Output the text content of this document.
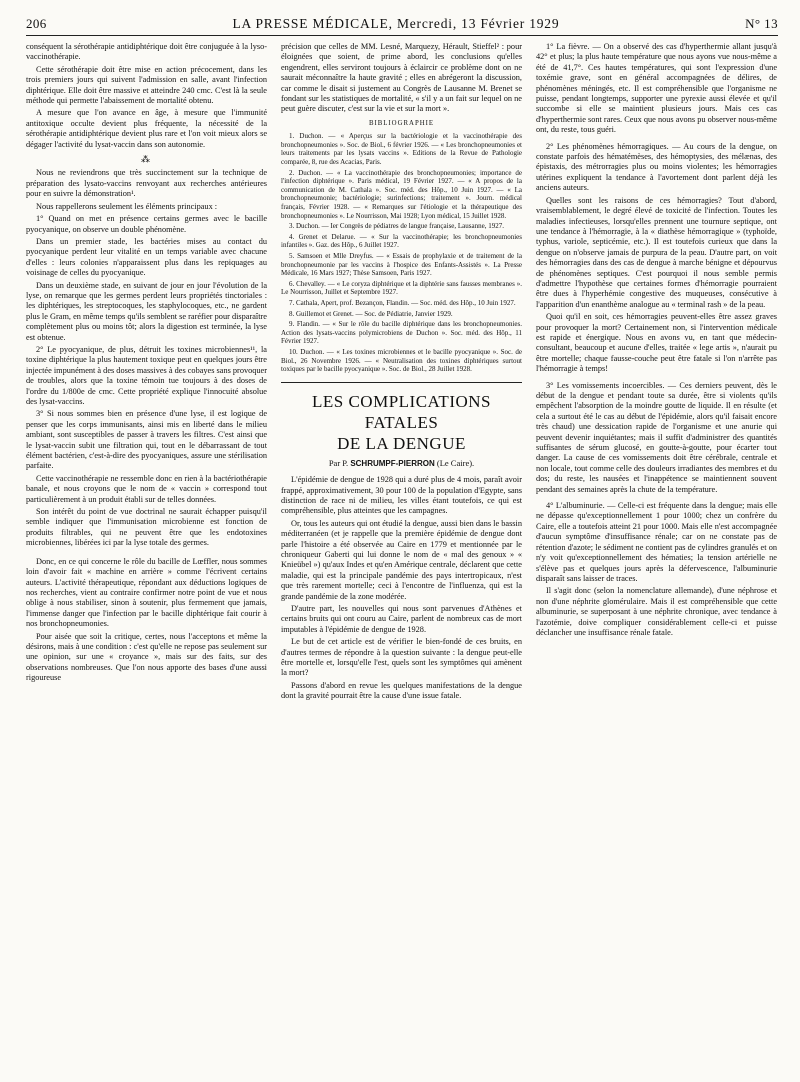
206	LA PRESSE MÉDICALE, Mercredi, 13 Février 1929	N° 13

conséquent la sérothérapie antidiphtérique doit être conjuguée à la lyso-vaccinothérapie.

Cette sérothérapie doit être mise en action précocement, dans les trois premiers jours qui suivent l'admission en salle, avant l'infection diphtérique. Elle doit être massive et atteindre 240 cmc. C'est là la seule méthode qui permette l'abaissement de mortalité obtenu.

A mesure que l'on avance en âge, à mesure que l'immunité antitoxique occulte devient plus fréquente, la nécessité de la sérothérapie antidiphtérique devient plus rare et l'on voit mieux alors se dégager l'activité du lysat-vaccin dans son autonomie.

⁂

Nous ne reviendrons que très succinctement sur la technique de préparation des lysato-vaccins renvoyant aux recherches antérieures pour en suivre la démonstration¹.

Nous rappellerons seulement les éléments principaux :

1° Quand on met en présence certains germes avec le bacille pyocyanique, on observe un double phénomène.

Dans un premier stade, les bactéries mises au contact du pyocyanique perdent leur vitalité en un temps variable avec chacune d'elles : leurs colonies n'apparaissent plus dans les repiquages au voisinage de celles du pyocyanique.

Dans un deuxième stade, en suivant de jour en jour l'évolution de la lyse, on remarque que les germes perdent leurs propriétés tinctoriales : les diphtériques, les streptocoques, les staphylocoques, etc., ne gardent plus le Gram, en même temps qu'ils semblent se raréfier pour disparaître complètement plus ou moins tôt; alors la digestion est terminée, la lyse est obtenue.

2° Le pyocyanique, de plus, détruit les toxines microbiennes¹¹, la toxine diphtérique la plus hautement toxique peut en quelques jours être injectée impunément à des doses massives à des cobayes sans provoquer de troubles, alors que la toxine témoin tue toujours à des doses de l'ordre du 1/800e de cmc. Cette propriété explique l'innocuité absolue des lysat-vaccins.

3° Si nous sommes bien en présence d'une lyse, il est logique de penser que les corps immunisants, ainsi mis en liberté dans le milieu ambiant, sont susceptibles de passer à travers les filtres. C'est ainsi que le lysat-vaccin subit une filtration qui, tout en le débarrassant de tout élément bactérien, c'est-à-dire des pyocyaniques, assure une stérilisation parfaite.

Cette vaccinothérapie ne ressemble donc en rien à la bactériothérapie banale, et nous croyons que le nom de « vaccin » correspond tout particulièrement à un produit établi sur de telles données.

Son intérêt du point de vue doctrinal ne saurait échapper puisqu'il semble indiquer que l'immunisation microbienne est fonction de produits filtrables, qui ne peuvent être que les endotoxines microbiennes, libérées ici par la lyse totale des germes.

Donc, en ce qui concerne le rôle du bacille de Lœffler, nous sommes loin d'avoir fait « machine en arrière » comme l'écrivent certains auteurs. L'activité thérapeutique, répondant aux déductions logiques de nos recherches, vient au contraire confirmer notre point de vue et nous oblige à nous stabiliser, sinon à soutenir, plus fermement que jamais, l'immense danger que l'infection par le bacille diphtérique fait courir à nos bronchopneumonies.

Pour aisée que soit la critique, certes, nous l'acceptons et même la désirons, mais à une condition : c'est qu'elle ne repose pas seulement sur une opinion, sur une « croyance », mais sur des faits, sur des observations nombreuses. Que l'on nous apporte des bases d'une aussi rigoureuse

précision que celles de MM. Lesné, Marquezy, Hérault, Stieffel² : pour éloignées que soient, de prime abord, les conclusions qu'elles engendrent, elles serviront toujours à éclaircir ce problème dont on ne saurait méconnaître la haute gravité ; elles en abrégeront la discussion, car comme le disait si justement au Congrès de Lausanne M. Brenet se fondant sur les statistiques de mortalité, « s'il y a un fait sur lequel on ne peut guère discuter, c'est sur la vie et sur la mort ».

BIBLIOGRAPHIE

1. Duchon. — « Aperçus sur la bactériologie et la vaccinothérapie des bronchopneumonies ». Soc. de Biol., 6 février 1926. — « Les bronchopneumonies et leurs traitements par les lysats vaccins ». Editions de la Revue de Pathologie comparée, 8, rue des Acacias, Paris.

2. Duchon. — « La vaccinothérapie des bronchopneumonies; importance de l'infection diphtérique ». Paris médical, 19 Février 1927. — « A propos de la communication de M. Cathala ». Soc. méd. des Hôp., 10 Juin 1927. — « La bronchopneumonie; bactériologie; surinfections; traitement ». Journ. médical français, Février 1928. — « Remarques sur l'étiologie et la thérapeutique des bronchopneumonies ». Le Nourrisson, Mai 1928; Lyon médical, 15 Juillet 1928.

3. Duchon. — Ier Congrès de pédiatres de langue française, Lausanne, 1927.

4. Grenet et Delarue. — « Sur la vaccinothérapie; les bronchopneumonies infantiles ». Gaz. des Hôp., 6 Juillet 1927.

5. Samsoen et Mlle Dreyfus. — « Essais de prophylaxie et de traitement de la bronchopneumonie par les vaccins à l'hospice des Enfants-Assistés ». La Presse Médicale, 16 Mars 1927; Thèse Samsoen, Paris 1927.

6. Chevalley. — « Le coryza diphtérique et la diphtérie sans fausses membranes ». Le Nourrisson, Juillet et Septembre 1927.

7. Cathala, Apert, prof. Bezançon, Flandin. — Soc. méd. des Hôp., 10 Juin 1927.

8. Guillemot et Grenet. — Soc. de Pédiatrie, Janvier 1929.

9. Flandin. — « Sur le rôle du bacille diphtérique dans les bronchopneumonies. Action des lysats-vaccins polymicrobiens de Duchon ». Soc. méd. des Hôp., 11 Février 1927.

10. Duchon. — « Les toxines microbiennes et le bacille pyocyanique ». Soc. de Biol., 26 Novembre 1926. — « Neutralisation des toxines diphtériques surtout toxiques par le bacille pyocyanique ». Soc. de Biol., 28 Juillet 1928.

LES COMPLICATIONS FATALES
DE LA DENGUE
Par P. SCHRUMPF-PIERRON (Le Caire).

L'épidémie de dengue de 1928 qui a duré plus de 4 mois, paraît avoir frappé, approximativement, 30 pour 100 de la population d'Egypte, sans distinction de race ni de milieu, les villes étant toutefois, ce qui est compréhensible, plus atteintes que les campagnes.

Or, tous les auteurs qui ont étudié la dengue, aussi bien dans le bassin méditerranéen (et je rappelle que la première épidémie de dengue dont parle l'histoire a été observée au Caire en 1779 et mentionnée par le chroniqueur Gaberti qui lui donne le nom de « mal des genoux » « Knieübel ») qu'aux Indes et qu'en Amérique centrale, déclarent que cette maladie, qui est la principale pandémie des pays intertropicaux, n'est que très rarement mortelle; ceci à l'encontre de l'influenza, qui est la grande pandémie de la zone modérée.

D'autre part, les nouvelles qui nous sont parvenues d'Athènes et certains bruits qui ont couru au Caire, parlent de nombreux cas de mort imputables à l'épidémie de dengue de 1928.

Le but de cet article est de vérifier le bien-fondé de ces bruits, en d'autres termes de répondre à la question suivante : la dengue peut-elle être mortelle et, lorsqu'elle l'est, quels sont les symptômes qui amènent la mort?

Passons d'abord en revue les quelques manifestations de la dengue dont la gravité pourrait être la cause d'une issue fatale.

1° La fièvre. — On a observé des cas d'hyperthermie allant jusqu'à 42° et plus; la plus haute température que nous ayons vue nous-même a été de 41,7°. Ces hautes températures, qui sont l'expression d'une toxémie grave, sont en général accompagnées de délires, de phénomènes méningés, etc. Il est compréhensible que l'organisme ne puisse, pendant longtemps, supporter une pyrexie aussi élevée et qu'il succombe si elle se maintient plusieurs jours. Mais ces cas d'hyperthermie sont rares. Ceux que nous avons pu observer nous-même ont, du reste, tous guéri.

2° Les phénomènes hémorragiques. — Au cours de la dengue, on constate parfois des hématémèses, des hémoptysies, des mélænas, des épistaxis, des métrorragies plus ou moins violentes; les hémorragies utérines expliquent la tendance à l'avortement dont parlent déjà les anciens auteurs.

Quelles sont les raisons de ces hémorragies? Tout d'abord, vraisemblablement, le degré élevé de toxicité de l'infection. Toutes les maladies infectieuses, lorsqu'elles prennent une tournure septique, ont une tendance à l'hémorragie, à la « diathèse hémorragique » (typhoïde, typhus, variole, septicémie, etc.). Il est toutefois curieux que dans la dengue on n'observe jamais de purpura de la peau. D'autre part, on voit des hémorragies dans des cas de dengue à marche bénigne et dépourvus de phénomènes septiques. C'est pourquoi il nous semble permis d'admettre l'hypothèse que certaines formes d'hémorragie pourraient être dues à l'hyperhémie congestive des muqueuses, consécutive à l'apparition d'un enanthème analogue au « terminal rash » de la peau.

Quoi qu'il en soit, ces hémorragies peuvent-elles être assez graves pour provoquer la mort? Certainement non, si l'intervention médicale est rapide et énergique. Nous en avons vu, en tant que médecin-consultant, beaucoup et aucune d'elles, traitée « lege artis », n'aurait pu être mortelle; chaque fausse-couche peut être fatale si l'on n'arrête pas l'hémorragie à temps!

3° Les vomissements incoercibles. — Ces derniers peuvent, dès le début de la dengue et pendant toute sa durée, être si violents qu'ils empêchent l'absorption de la moindre goutte de liquide. Il en résulte (et cela a surtout été le cas au début de l'épidémie, alors qu'il faisait encore très chaud) une dessication rapide de l'organisme et une anurie qui peuvent devenir inquiétantes; mais il suffit d'administrer des quantités suffisantes de sérum glucosé, en goutte-à-goutte, pour écarter tout danger. La cause de ces vomissements doit être cérébrale, centrale et non locale, tout comme celle des douleurs irradiantes des membres et du dos; du reste, les nausées et l'inappétence se maintiennent souvent pendant des semaines après la chute de la température.

4° L'albuminurie. — Celle-ci est fréquente dans la dengue; mais elle ne dépasse qu'exceptionnellement 1 pour 1000; chez un confrère du Caire, elle a toutefois atteint 21 pour 1000. Mais elle n'est accompagnée d'aucun symptôme d'insuffisance rénale; car on ne constate pas de rétention d'azote; le sédiment ne contient pas de cylindres granulés et on n'y voit qu'exceptionnellement des hématies; la tension artérielle ne s'élève pas et quelques jours après la défervescence, l'albuminurie disparaît sans laisser de traces.

Il s'agit donc (selon la nomenclature allemande), d'une néphrose et non d'une néphrite glomérulaire. Mais il est compréhensible que cette albuminurie, se superposant à une néphrite chronique, avec tendance à l'azotémie, doive compliquer considérablement celle-ci et puisse déclancher une insuffisance rénale fatale.
